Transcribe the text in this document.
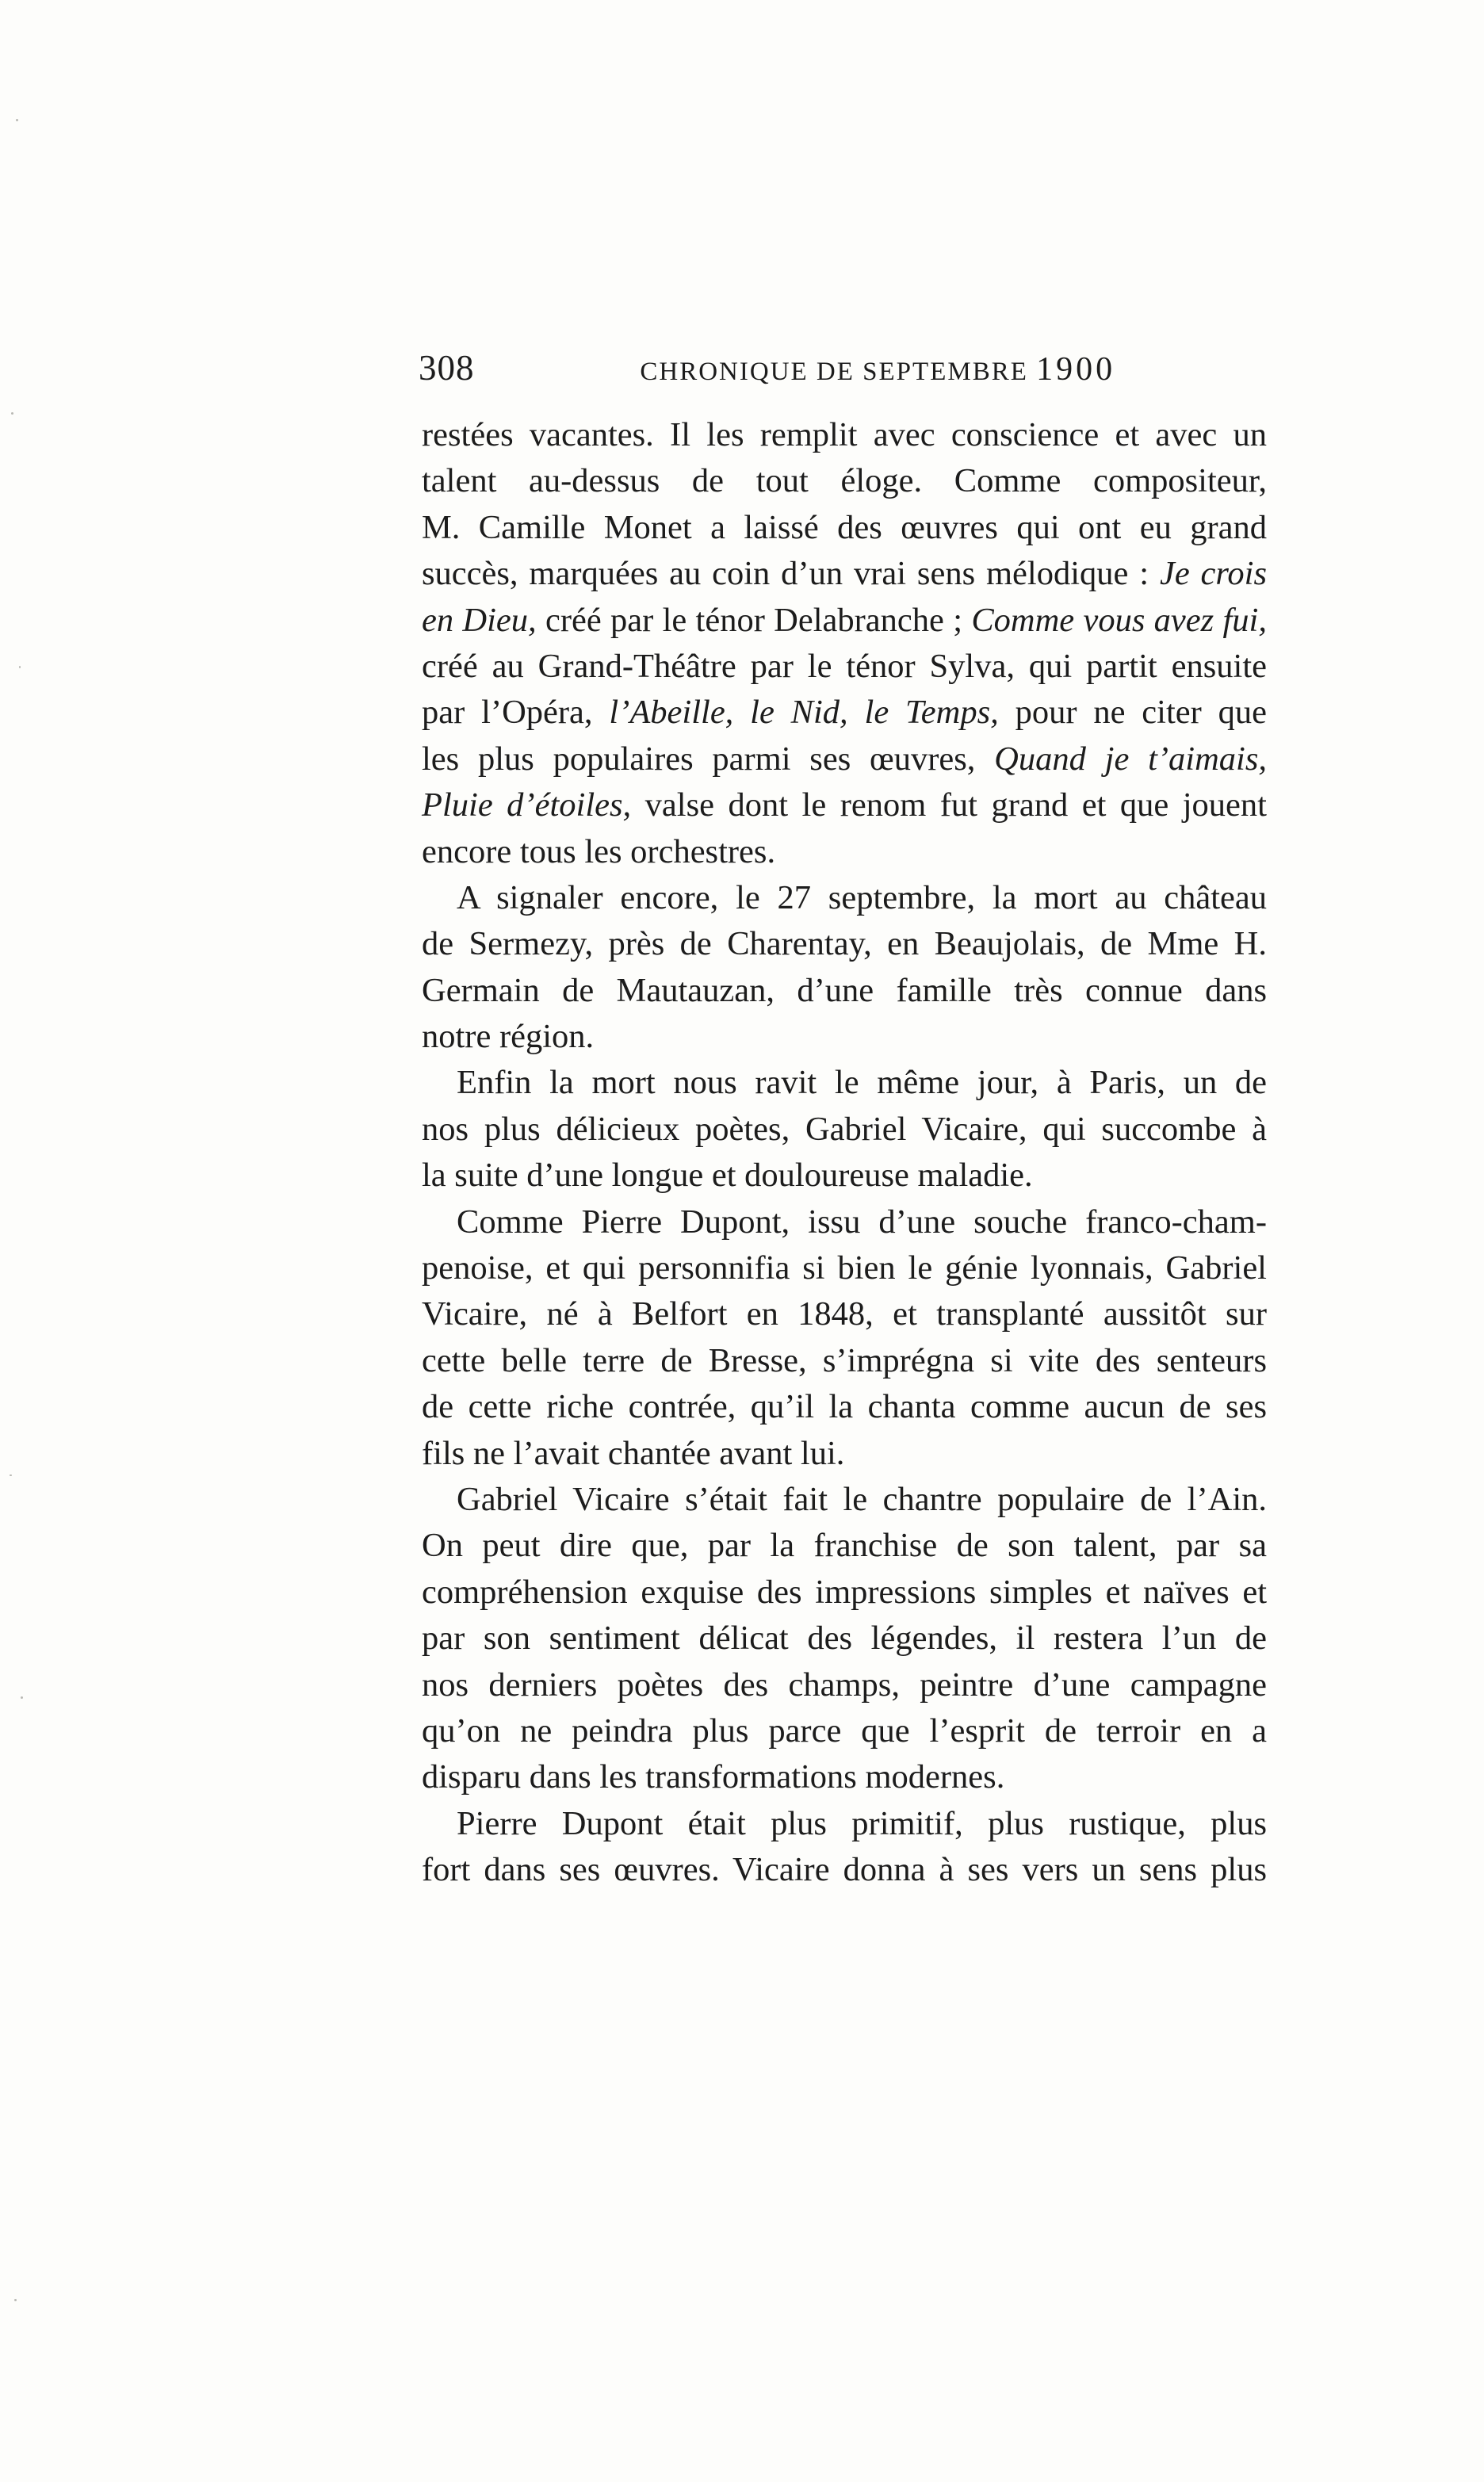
308	CHRONIQUE DE SEPTEMBRE 1900
restées vacantes. Il les remplit avec conscience et avec un
talent au-dessus de tout éloge. Comme compositeur,
M. Camille Monet a laissé des œuvres qui ont eu grand
succès, marquées au coin d’un vrai sens mélodique : Je crois
en Dieu, créé par le ténor Delabranche ; Comme vous avez fui,
créé au Grand-Théâtre par le ténor Sylva, qui partit ensuite
par l’Opéra, l’Abeille, le Nid, le Temps, pour ne citer que
les plus populaires parmi ses œuvres, Quand je t’aimais,
Pluie d’étoiles, valse dont le renom fut grand et que jouent
encore tous les orchestres.
A signaler encore, le 27 septembre, la mort au château
de Sermezy, près de Charentay, en Beaujolais, de Mme H.
Germain de Mautauzan, d’une famille très connue dans
notre région.
Enfin la mort nous ravit le même jour, à Paris, un de
nos plus délicieux poètes, Gabriel Vicaire, qui succombe à
la suite d’une longue et douloureuse maladie.
Comme Pierre Dupont, issu d’une souche franco-cham-
penoise, et qui personnifia si bien le génie lyonnais, Gabriel
Vicaire, né à Belfort en 1848, et transplanté aussitôt sur
cette belle terre de Bresse, s’imprégna si vite des senteurs
de cette riche contrée, qu’il la chanta comme aucun de ses
fils ne l’avait chantée avant lui.
Gabriel Vicaire s’était fait le chantre populaire de l’Ain.
On peut dire que, par la franchise de son talent, par sa
compréhension exquise des impressions simples et naïves et
par son sentiment délicat des légendes, il restera l’un de
nos derniers poètes des champs, peintre d’une campagne
qu’on ne peindra plus parce que l’esprit de terroir en a
disparu dans les transformations modernes.
Pierre Dupont était plus primitif, plus rustique, plus
fort dans ses œuvres. Vicaire donna à ses vers un sens plus
